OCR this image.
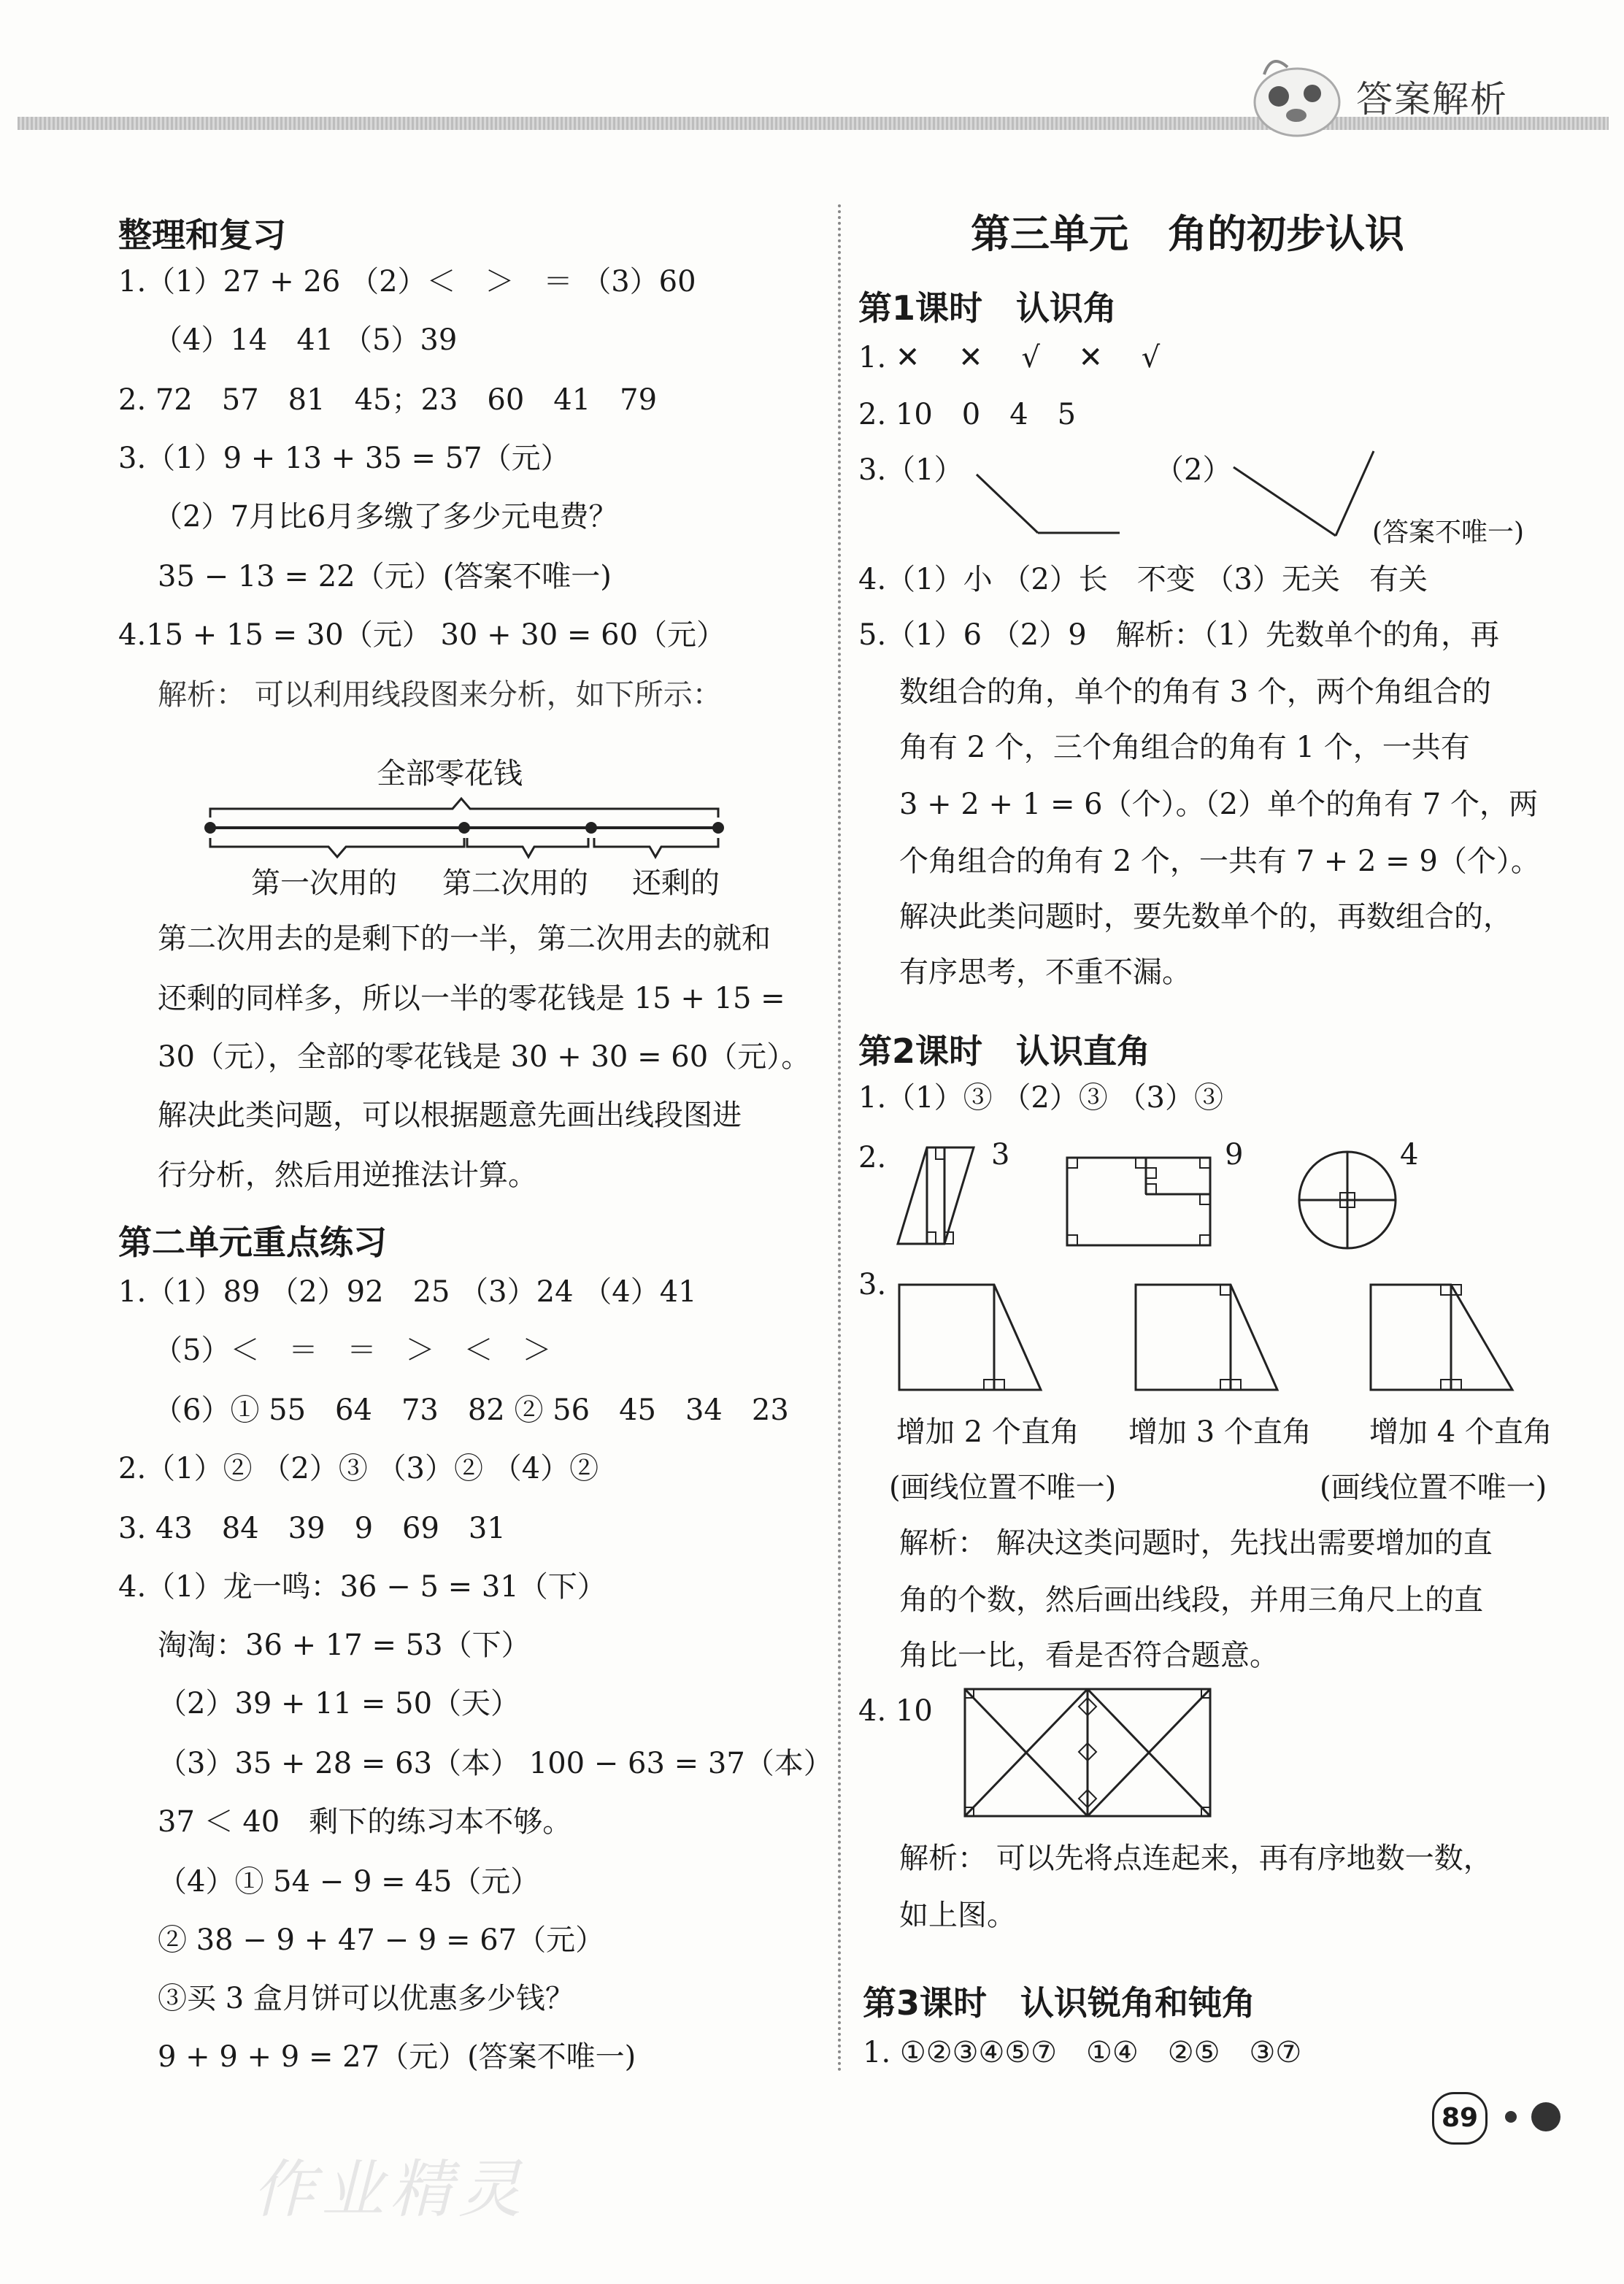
答案解析
整理和复习
1.（1）27 + 26 （2）＜　＞　＝ （3）60
（4）14　41 （5）39
2. 72　57　81　45；23　60　41　79
3.（1）9 + 13 + 35 = 57（元）
（2）7月比6月多缴了多少元电费？
35 − 13 = 22（元）(答案不唯一)
4.15 + 15 = 30（元） 30 + 30 = 60（元）
解析： 可以利用线段图来分析，如下所示：
全部零花钱
第一次用的 第二次用的 还剩的
第二次用去的是剩下的一半，第二次用去的就和
还剩的同样多，所以一半的零花钱是 15 + 15 =
30（元），全部的零花钱是 30 + 30 = 60（元）。
解决此类问题，可以根据题意先画出线段图进
行分析，然后用逆推法计算。
第二单元重点练习
1.（1）89 （2）92　25 （3）24 （4）41
（5）＜　＝　＝　＞　＜　＞
（6）① 55　64　73　82 ② 56　45　34　23
2.（1）② （2）③ （3）② （4）②
3. 43　84　39　9　69　31
4.（1）龙一鸣：36 − 5 = 31（下）
淘淘：36 + 17 = 53（下）
（2）39 + 11 = 50（天）
（3）35 + 28 = 63（本） 100 − 63 = 37（本）
37 ＜ 40　剩下的练习本不够。
（4）① 54 − 9 = 45（元）
② 38 − 9 + 47 − 9 = 67（元）
③买 3 盒月饼可以优惠多少钱？
9 + 9 + 9 = 27（元）(答案不唯一)
作业精灵
第三单元　角的初步认识
第1课时　认识角
1. ✕　 ✕　 √　 ✕　 √
2. 10　0　4　5
3.（1）	（2）
(答案不唯一)
4.（1）小 （2）长　不变 （3）无关　有关
5.（1）6 （2）9　解析：（1）先数单个的角，再
数组合的角，单个的角有 3 个，两个角组合的
角有 2 个，三个角组合的角有 1 个，一共有
3 + 2 + 1 = 6（个）。（2）单个的角有 7 个，两
个角组合的角有 2 个，一共有 7 + 2 = 9（个）。
解决此类问题时，要先数单个的，再数组合的，
有序思考，不重不漏。
第2课时　认识直角
1.（1）③ （2）③ （3）③
2.	3	9	4
3.
增加 2 个直角 增加 3 个直角 增加 4 个直角
(画线位置不唯一)	(画线位置不唯一)
解析： 解决这类问题时，先找出需要增加的直
角的个数，然后画出线段，并用三角尺上的直
角比一比，看是否符合题意。
4. 10
解析： 可以先将点连起来，再有序地数一数，
如上图。
第3课时　认识锐角和钝角
1. ①②③④⑤⑦　①④　②⑤　③⑦
89
